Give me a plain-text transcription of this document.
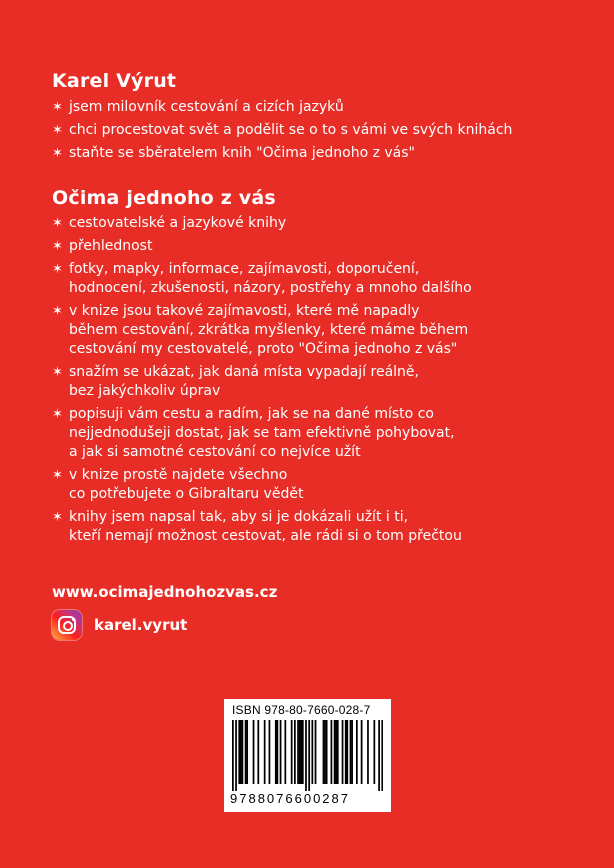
Karel Výrut
✶ jsem milovník cestování a cizích jazyků
✶ chci procestovat svět a podělit se o to s vámi ve svých knihách
✶ staňte se sběratelem knih "Očima jednoho z vás"
Očima jednoho z vás
✶ cestovatelské a jazykové knihy
✶ přehlednost
✶ fotky, mapky, informace, zajímavosti, doporučení,
hodnocení, zkušenosti, názory, postřehy a mnoho dalšího
✶ v knize jsou takové zajímavosti, které mě napadly
během cestování, zkrátka myšlenky, které máme během
cestování my cestovatelé, proto "Očima jednoho z vás"
✶ snažím se ukázat, jak daná místa vypadají reálně,
bez jakýchkoliv úprav
✶ popisuji vám cestu a radím, jak se na dané místo co
nejjednodušeji dostat, jak se tam efektivně pohybovat,
a jak si samotné cestování co nejvíce užít
✶ v knize prostě najdete všechno
co potřebujete o Gibraltaru vědět
✶ knihy jsem napsal tak, aby si je dokázali užít i ti,
kteří nemají možnost cestovat, ale rádi si o tom přečtou

www.ocimajednohozvas.cz

karel.vyrut
ISBN 978-80-7660-028-7
9788076600287
